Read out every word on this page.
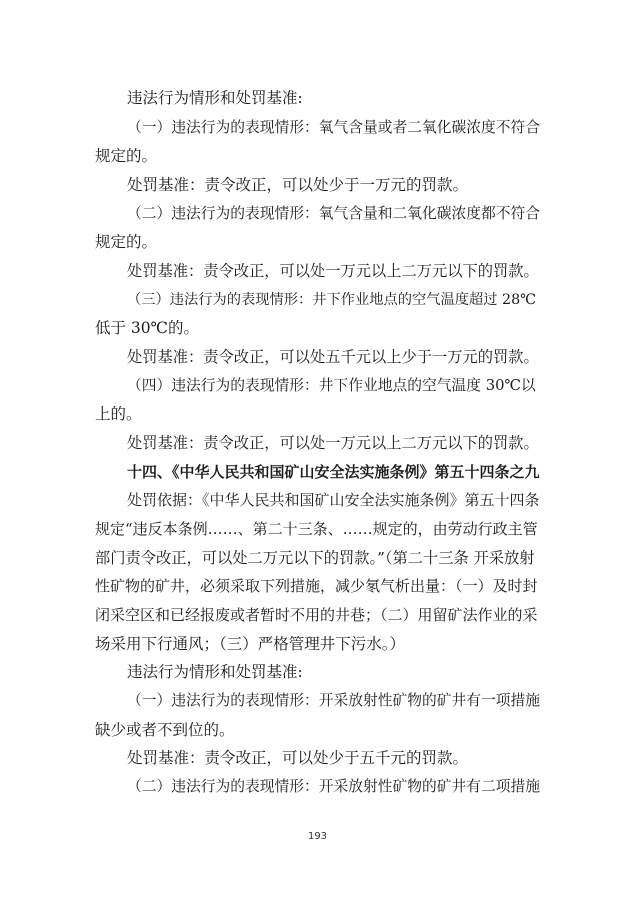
违法行为情形和处罚基准:
（一）违法行为的表现情形：氧气含量或者二氧化碳浓度不符合
规定的。
处罚基准：责令改正，可以处少于一万元的罚款。
（二）违法行为的表现情形：氧气含量和二氧化碳浓度都不符合
规定的。
处罚基准：责令改正，可以处一万元以上二万元以下的罚款。
（三）违法行为的表现情形：井下作业地点的空气温度超过 28℃
低于 30℃的。
处罚基准：责令改正，可以处五千元以上少于一万元的罚款。
（四）违法行为的表现情形：井下作业地点的空气温度 30℃以
上的。
处罚基准：责令改正，可以处一万元以上二万元以下的罚款。
十四、《中华人民共和国矿山安全法实施条例》第五十四条之九
处罚依据：《中华人民共和国矿山安全法实施条例》第五十四条
规定“违反本条例……、第二十三条、……规定的，由劳动行政主管
部门责令改正，可以处二万元以下的罚款。”（第二十三条 开采放射
性矿物的矿井，必须采取下列措施，减少氡气析出量：（一）及时封
闭采空区和已经报废或者暂时不用的井巷；（二）用留矿法作业的采
场采用下行通风；（三）严格管理井下污水。）
违法行为情形和处罚基准:
（一）违法行为的表现情形：开采放射性矿物的矿井有一项措施
缺少或者不到位的。
处罚基准：责令改正，可以处少于五千元的罚款。
（二）违法行为的表现情形：开采放射性矿物的矿井有二项措施
193
